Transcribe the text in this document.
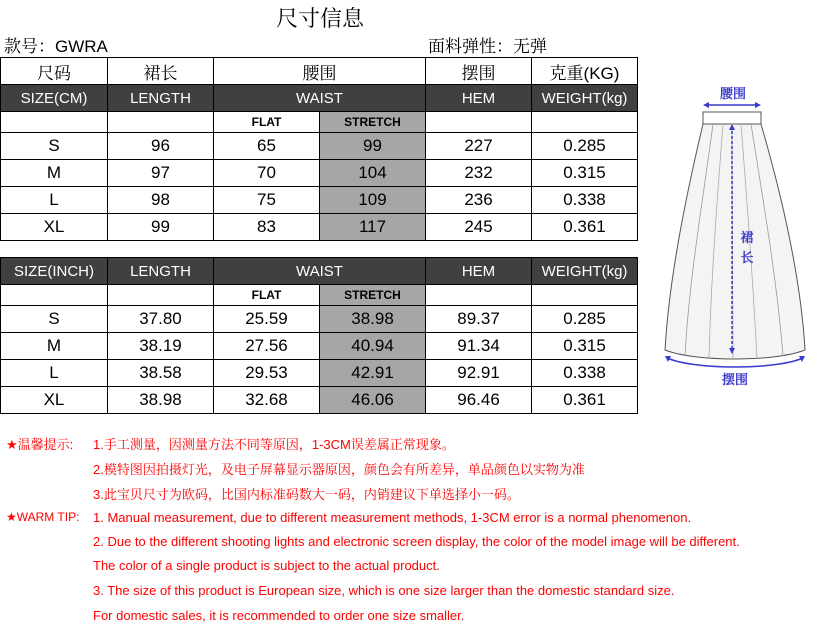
尺寸信息
款号：GWRA	面料弹性：无弹
尺码	裙长	腰围		摆围	克重(KG)
SIZE(CM)	LENGTH	WAIST		HEM	WEIGHT(kg)
		FLAT	STRETCH		
S	96	65	99	227	0.285
M	97	70	104	232	0.315
L	98	75	109	236	0.338
XL	99	83	117	245	0.361
SIZE(INCH)	LENGTH	WAIST		HEM	WEIGHT(kg)
		FLAT	STRETCH		
S	37.80	25.59	38.98	89.37	0.285
M	38.19	27.56	40.94	91.34	0.315
L	38.58	29.53	42.91	92.91	0.338
XL	38.98	32.68	46.06	96.46	0.361
腰围
裙
长
摆围
★温馨提示: 1.手工测量，因测量方法不同等原因，1-3CM误差属正常现象。
2.模特图因拍摄灯光，及电子屏幕显示器原因，颜色会有所差异，单品颜色以实物为准
3.此宝贝尺寸为欧码，比国内标准码数大一码，内销建议下单选择小一码。
★WARM TIP: 1. Manual measurement, due to different measurement methods, 1-3CM error is a normal phenomenon.
2. Due to the different shooting lights and electronic screen display, the color of the model image will be different.
The color of a single product is subject to the actual product.
3. The size of this product is European size, which is one size larger than the domestic standard size.
For domestic sales, it is recommended to order one size smaller.
